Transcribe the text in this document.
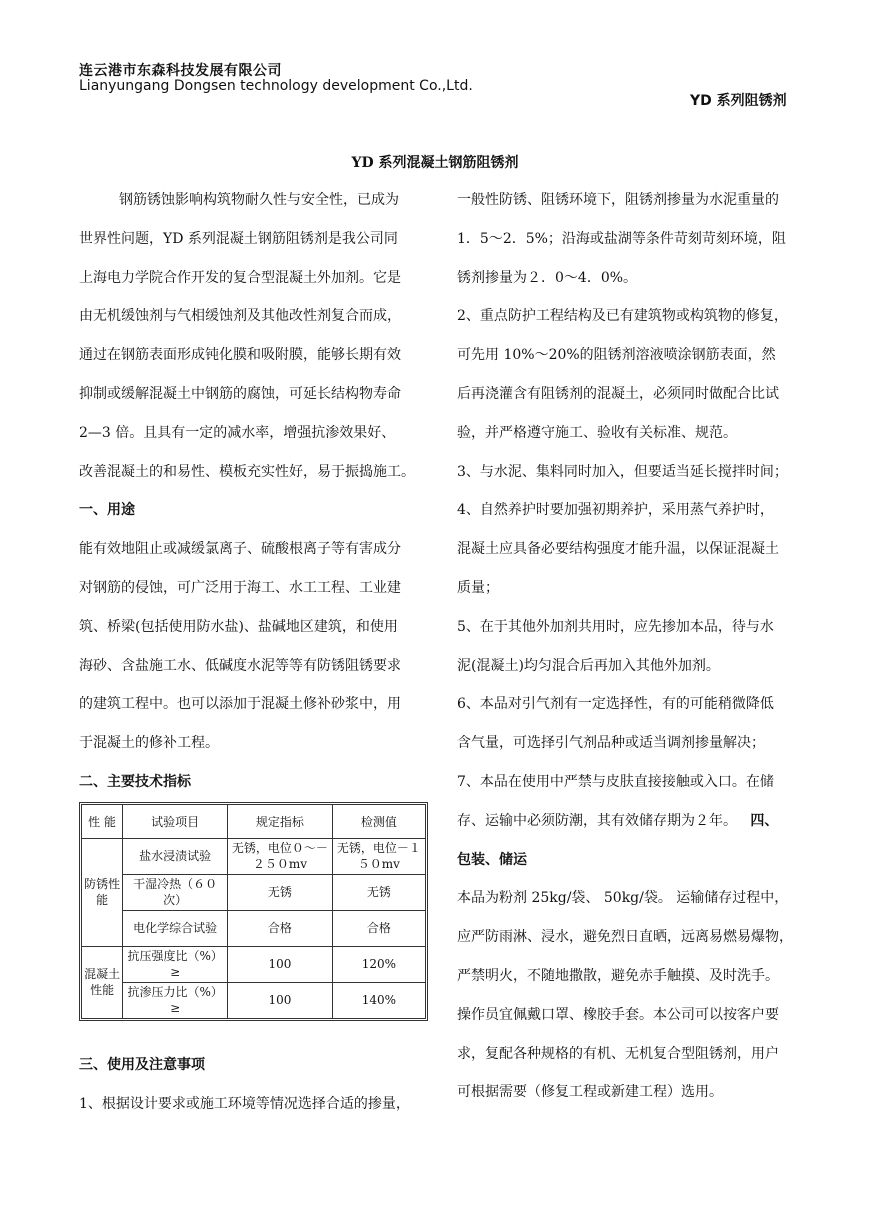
连云港市东森科技发展有限公司
Lianyungang Dongsen technology development Co.,Ltd.
YD 系列阻锈剂
YD 系列混凝土钢筋阻锈剂

钢筋锈蚀影响构筑物耐久性与安全性，已成为

世界性问题，YD 系列混凝土钢筋阻锈剂是我公司同

上海电力学院合作开发的复合型混凝土外加剂。它是

由无机缓蚀剂与气相缓蚀剂及其他改性剂复合而成，

通过在钢筋表面形成钝化膜和吸附膜，能够长期有效

抑制或缓解混凝土中钢筋的腐蚀，可延长结构物寿命

2—3 倍。且具有一定的减水率，增强抗渗效果好、

改善混凝土的和易性、模板充实性好，易于振捣施工。

一、用途

能有效地阻止或减缓氯离子、硫酸根离子等有害成分

对钢筋的侵蚀，可广泛用于海工、水工工程、工业建

筑、桥梁(包括使用防水盐)、盐碱地区建筑，和使用

海砂、含盐施工水、低碱度水泥等等有防锈阻锈要求

的建筑工程中。也可以添加于混凝土修补砂浆中，用

于混凝土的修补工程。

二、主要技术指标

性 能	试验项目	规定指标	检测值
防锈性能	盐水浸渍试验	无锈，电位０～－２５０mv	无锈，电位－１５０mv
	干湿冷热（６０次）	无锈	无锈
	电化学综合试验	合格	合格
混凝土性能	抗压强度比（%）≥	100	120%
	抗渗压力比（%）≥	100	140%

三、使用及注意事项

1、根据设计要求或施工环境等情况选择合适的掺量，

一般性防锈、阻锈环境下，阻锈剂掺量为水泥重量的

1．5～2．5%；沿海或盐湖等条件苛刻苛刻环境，阻

锈剂掺量为２．0～4．0%。

2、重点防护工程结构及已有建筑物或构筑物的修复，

可先用 10%～20%的阻锈剂溶液喷涂钢筋表面，然

后再浇灌含有阻锈剂的混凝土，必须同时做配合比试

验，并严格遵守施工、验收有关标准、规范。

3、与水泥、集料同时加入，但要适当延长搅拌时间；

4、自然养护时要加强初期养护，采用蒸气养护时，

混凝土应具备必要结构强度才能升温，以保证混凝土

质量；

5、在于其他外加剂共用时，应先掺加本品，待与水

泥(混凝土)均匀混合后再加入其他外加剂。

6、本品对引气剂有一定选择性，有的可能稍微降低

含气量，可选择引气剂品种或适当调剂掺量解决；

7、本品在使用中严禁与皮肤直接接触或入口。在储

存、运输中必须防潮，其有效储存期为２年。 四、

包装、储运

本品为粉剂 25kg/袋、 50kg/袋。 运输储存过程中，

应严防雨淋、浸水，避免烈日直晒，远离易燃易爆物，

严禁明火，不随地撒散，避免赤手触摸、及时洗手。

操作员宜佩戴口罩、橡胶手套。本公司可以按客户要

求，复配各种规格的有机、无机复合型阻锈剂，用户

可根据需要（修复工程或新建工程）选用。
